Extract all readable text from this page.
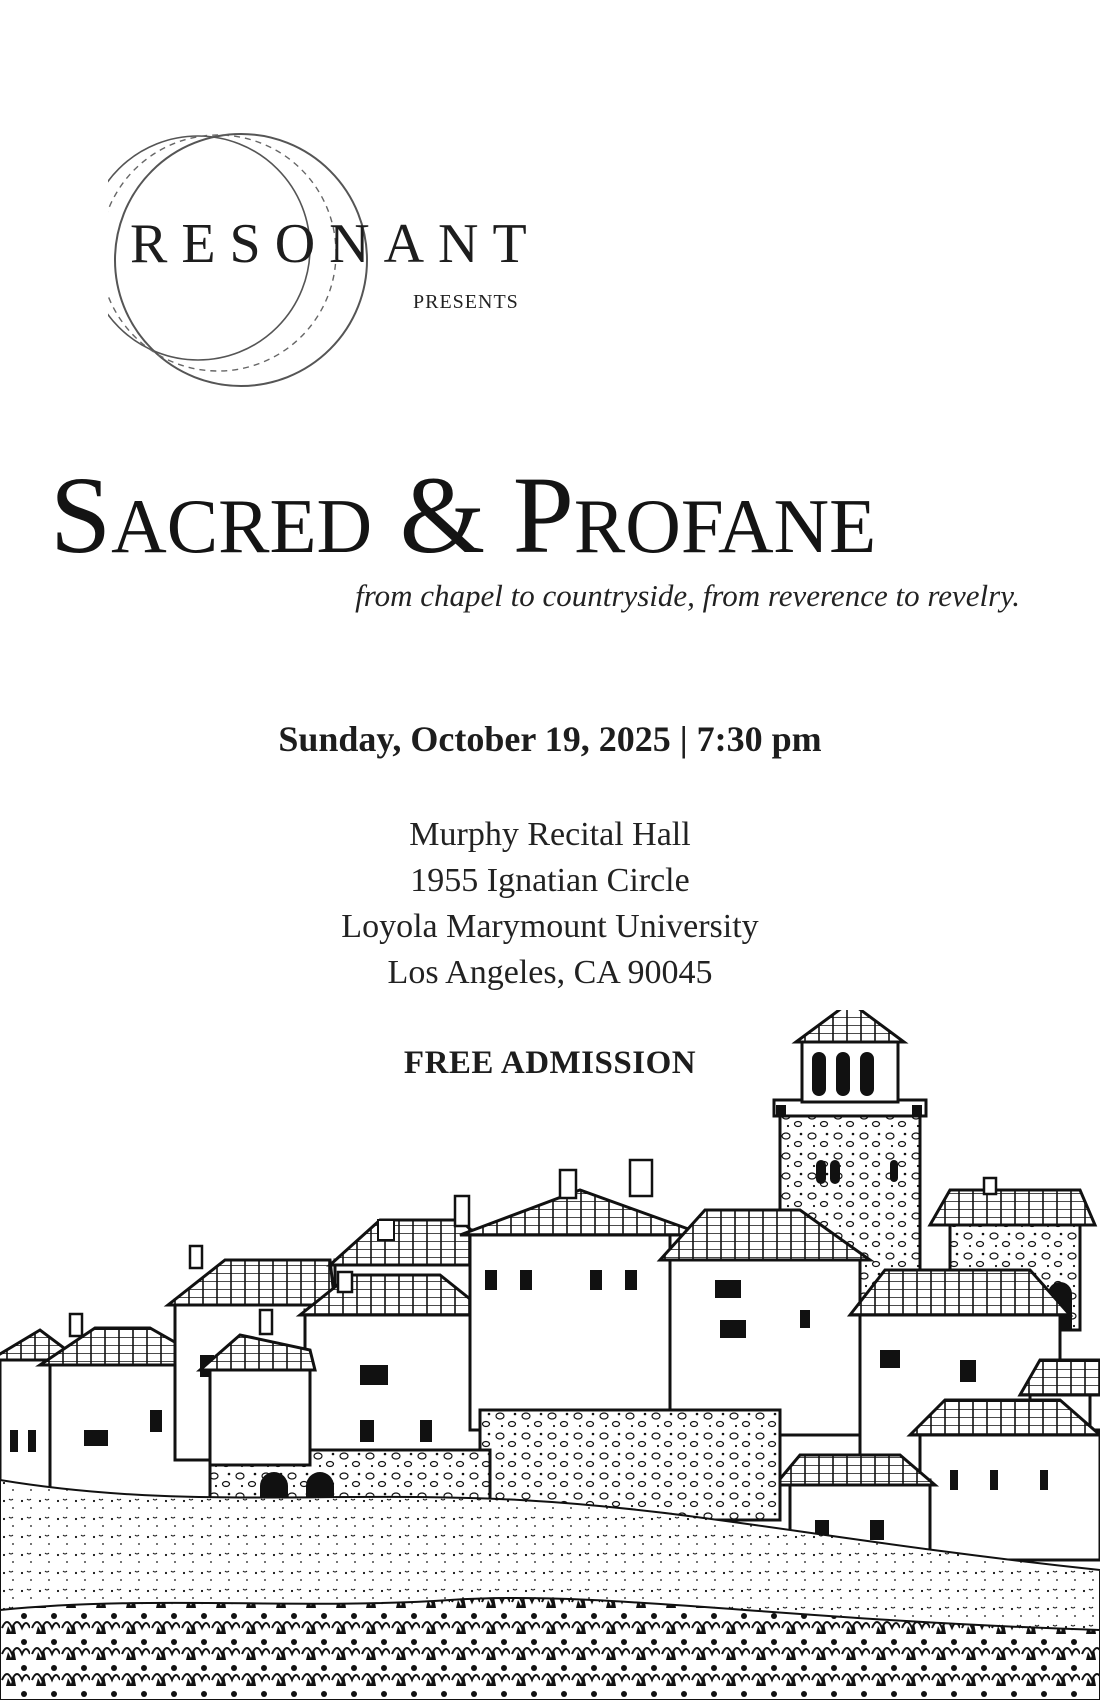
RESONANT
PRESENTS
Sacred & Profane
from chapel to countryside, from reverence to revelry.
Sunday, October 19, 2025 | 7:30 pm
Murphy Recital Hall
1955 Ignatian Circle
Loyola Marymount University
Los Angeles, CA 90045
FREE ADMISSION
